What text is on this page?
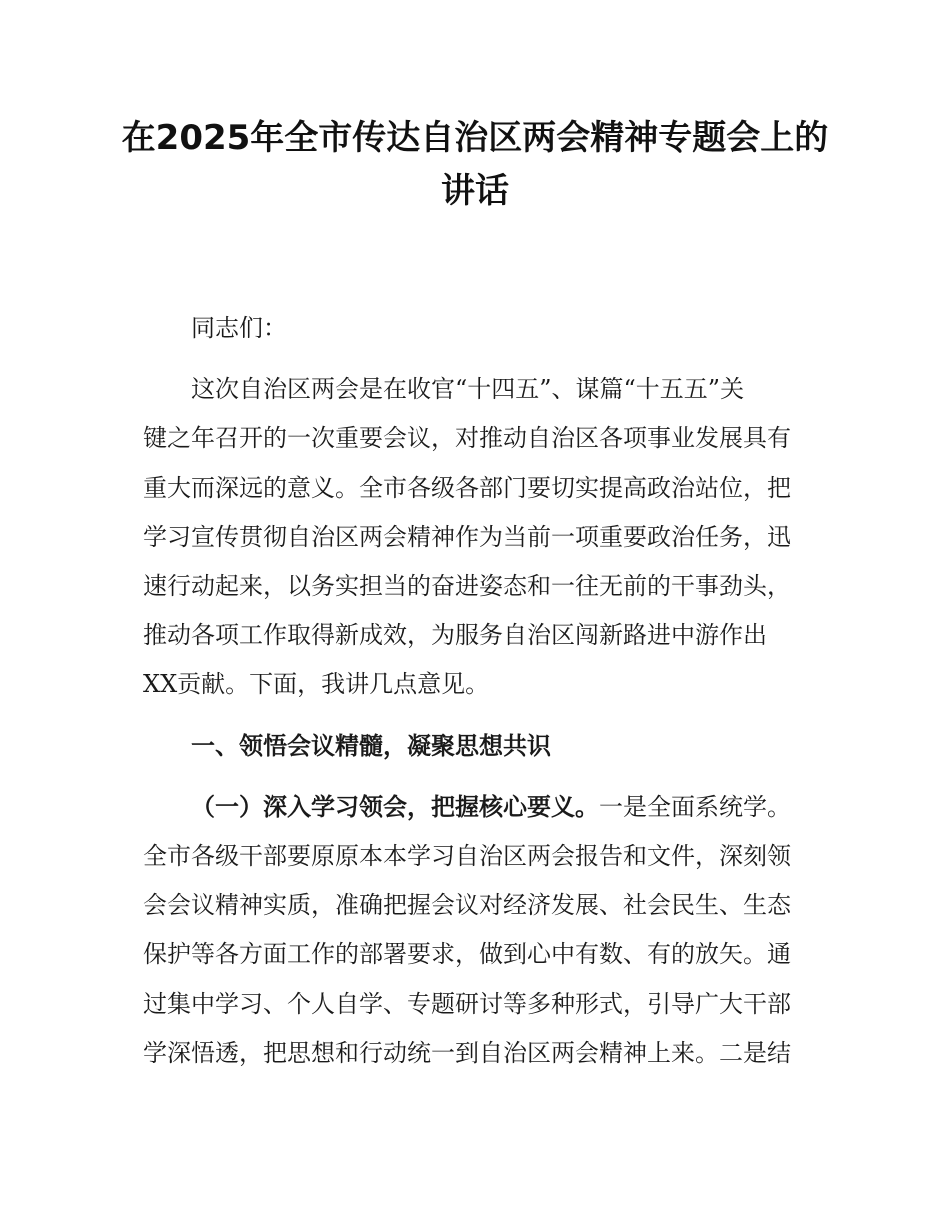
在2025年全市传达自治区两会精神专题会上的讲话

同志们：

这次自治区两会是在收官“十四五”、谋篇“十五五”关
键之年召开的一次重要会议，对推动自治区各项事业发展具有
重大而深远的意义。全市各级各部门要切实提高政治站位，把
学习宣传贯彻自治区两会精神作为当前一项重要政治任务，迅
速行动起来，以务实担当的奋进姿态和一往无前的干事劲头，
推动各项工作取得新成效，为服务自治区闯新路进中游作出
XX贡献。下面，我讲几点意见。

一、领悟会议精髓，凝聚思想共识

（一）深入学习领会，把握核心要义。一是全面系统学。
全市各级干部要原原本本学习自治区两会报告和文件，深刻领
会会议精神实质，准确把握会议对经济发展、社会民生、生态
保护等各方面工作的部署要求，做到心中有数、有的放矢。通
过集中学习、个人自学、专题研讨等多种形式，引导广大干部
学深悟透，把思想和行动统一到自治区两会精神上来。二是结
